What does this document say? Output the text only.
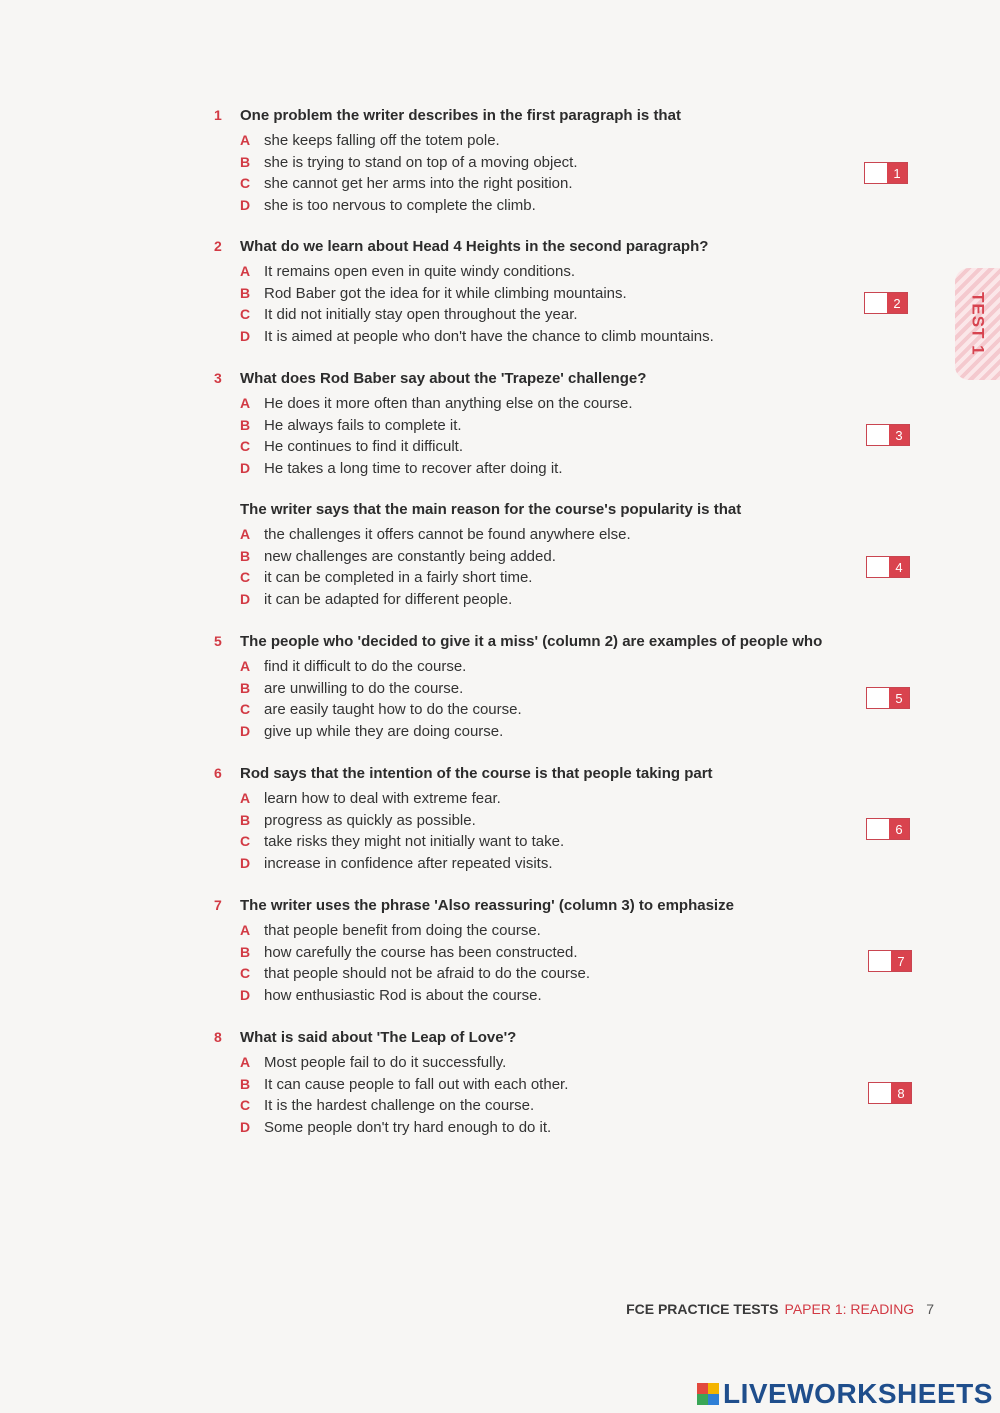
TEST 1
1	One problem the writer describes in the first paragraph is that
A she keeps falling off the totem pole.
B she is trying to stand on top of a moving object.
C she cannot get her arms into the right position.
D she is too nervous to complete the climb.
1
2	What do we learn about Head 4 Heights in the second paragraph?
A It remains open even in quite windy conditions.
B Rod Baber got the idea for it while climbing mountains.
C It did not initially stay open throughout the year.
D It is aimed at people who don't have the chance to climb mountains.
2
3	What does Rod Baber say about the 'Trapeze' challenge?
A He does it more often than anything else on the course.
B He always fails to complete it.
C He continues to find it difficult.
D He takes a long time to recover after doing it.
3
The writer says that the main reason for the course's popularity is that
A the challenges it offers cannot be found anywhere else.
B new challenges are constantly being added.
C it can be completed in a fairly short time.
D it can be adapted for different people.
4
5	The people who 'decided to give it a miss' (column 2) are examples of people who
A find it difficult to do the course.
B are unwilling to do the course.
C are easily taught how to do the course.
D give up while they are doing course.
5
6	Rod says that the intention of the course is that people taking part
A learn how to deal with extreme fear.
B progress as quickly as possible.
C take risks they might not initially want to take.
D increase in confidence after repeated visits.
6
7	The writer uses the phrase 'Also reassuring' (column 3) to emphasize
A that people benefit from doing the course.
B how carefully the course has been constructed.
C that people should not be afraid to do the course.
D how enthusiastic Rod is about the course.
7
8	What is said about 'The Leap of Love'?
A Most people fail to do it successfully.
B It can cause people to fall out with each other.
C It is the hardest challenge on the course.
D Some people don't try hard enough to do it.
8
FCE PRACTICE TESTS PAPER 1: READING 7
LIVEWORKSHEETS
